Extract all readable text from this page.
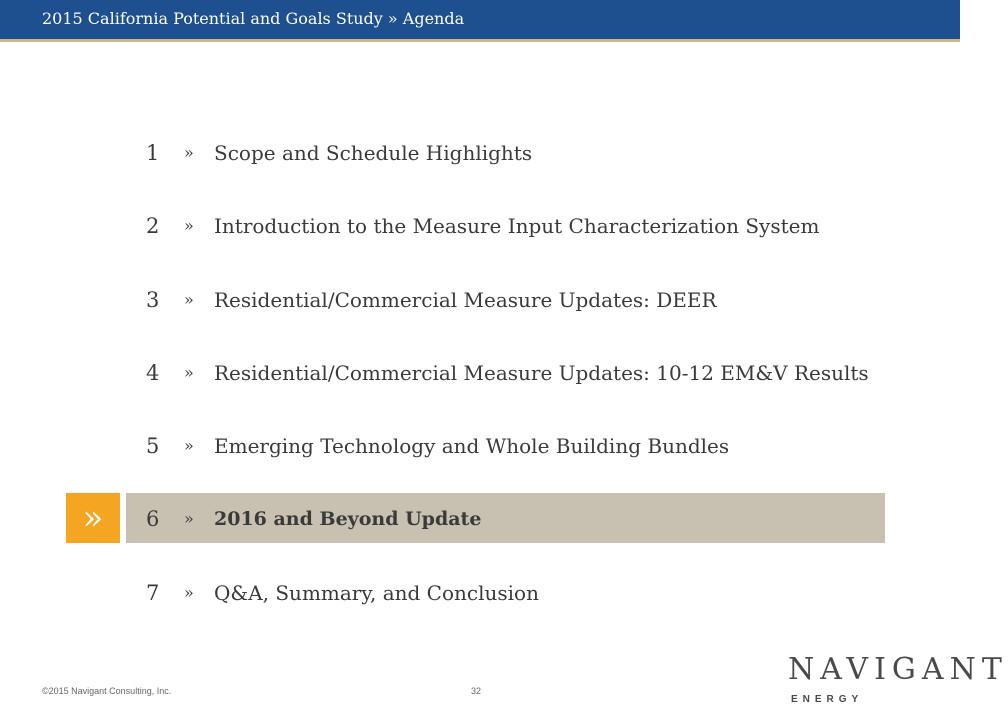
2015 California Potential and Goals Study » Agenda
»
1	» Scope and Schedule Highlights
2	» Introduction to the Measure Input Characterization System
3	» Residential/Commercial Measure Updates: DEER
4	» Residential/Commercial Measure Updates: 10-12 EM&V Results
5	» Emerging Technology and Whole Building Bundles
6	» 2016 and Beyond Update
7	» Q&A, Summary, and Conclusion
©2015 Navigant Consulting, Inc.	32
NAVIGANT
ENERGY
